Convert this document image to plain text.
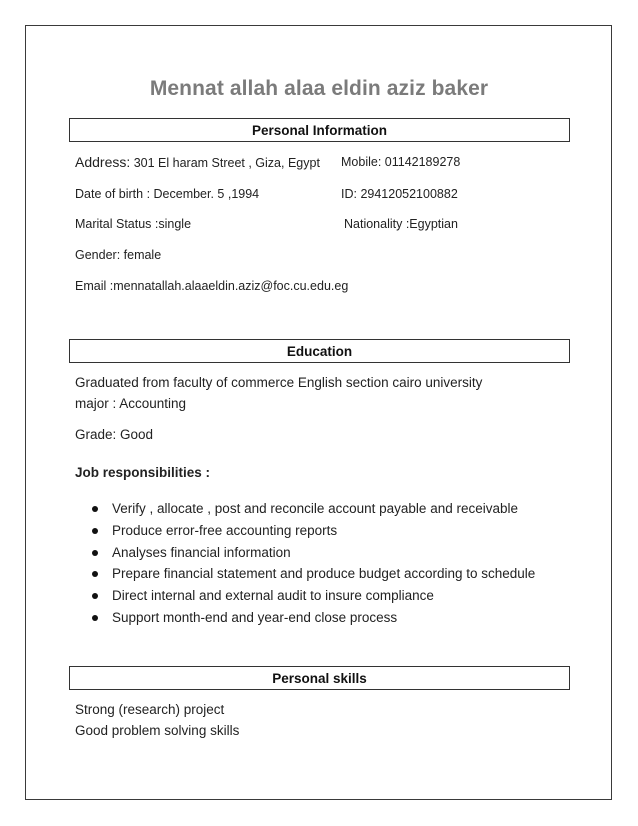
Mennat allah alaa eldin aziz baker
Personal Information
Address: 301 El haram Street , Giza, Egypt Mobile: 01142189278
Date of birth : December. 5 ,1994	ID: 29412052100882
Marital Status :single	Nationality :Egyptian
Gender: female
Email :mennatallah.alaaeldin.aziz@foc.cu.edu.eg
Education
Graduated from faculty of commerce English section cairo university
major : Accounting
Grade: Good
Job responsibilities :
Verify , allocate , post and reconcile account payable and receivable
Produce error-free accounting reports
Analyses financial information
Prepare financial statement and produce budget according to schedule
Direct internal and external audit to insure compliance
Support month-end and year-end close process
Personal skills
Strong (research) project
Good problem solving skills
